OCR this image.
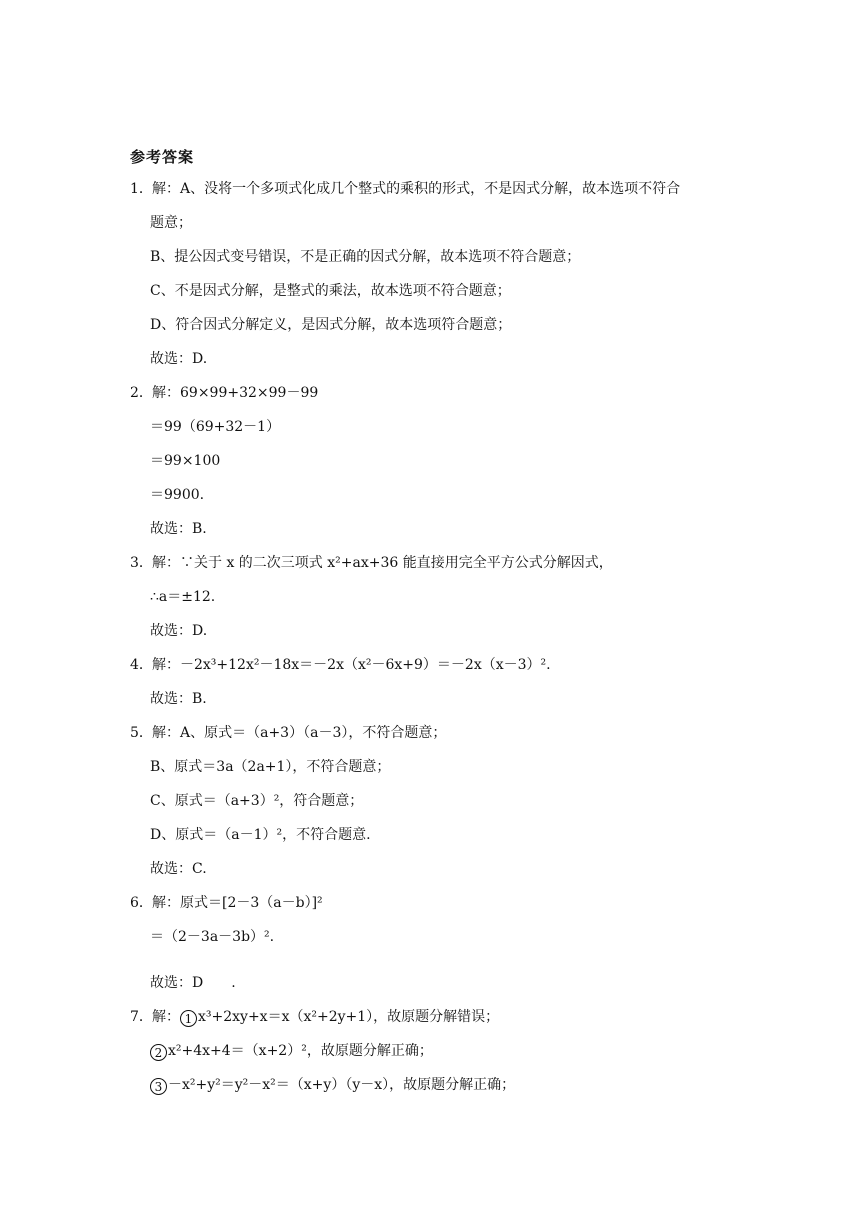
参考答案
1． 解：A、没将一个多项式化成几个整式的乘积的形式，不是因式分解，故本选项不符合
题意；
B、提公因式变号错误，不是正确的因式分解，故本选项不符合题意；
C、不是因式分解，是整式的乘法，故本选项不符合题意；
D、符合因式分解定义，是因式分解，故本选项符合题意；
故选：D.
2． 解：69×99+32×99－99
＝99（69+32－1）
＝99×100
＝9900.
故选：B.
3． 解：∵关于 x 的二次三项式 x²+ax+36 能直接用完全平方公式分解因式，
∴a＝±12.
故选：D.
4． 解：－2x³+12x²－18x＝－2x（x²－6x+9）＝－2x（x－3）².
故选：B.
5． 解：A、原式＝（a+3）（a－3），不符合题意；
B、原式＝3a（2a+1），不符合题意；
C、原式＝（a+3）²，符合题意；
D、原式＝（a－1）²，不符合题意.
故选：C.
6． 解：原式＝[2－3（a－b）]²
＝（2－3a－3b）².
故选：D　　.
7． 解： 1 x³+2xy+x＝x（x²+2y+1），故原题分解错误；
2 x²+4x+4＝（x+2）²，故原题分解正确；
3 －x²+y²＝y²－x²＝（x+y）（y－x），故原题分解正确；
